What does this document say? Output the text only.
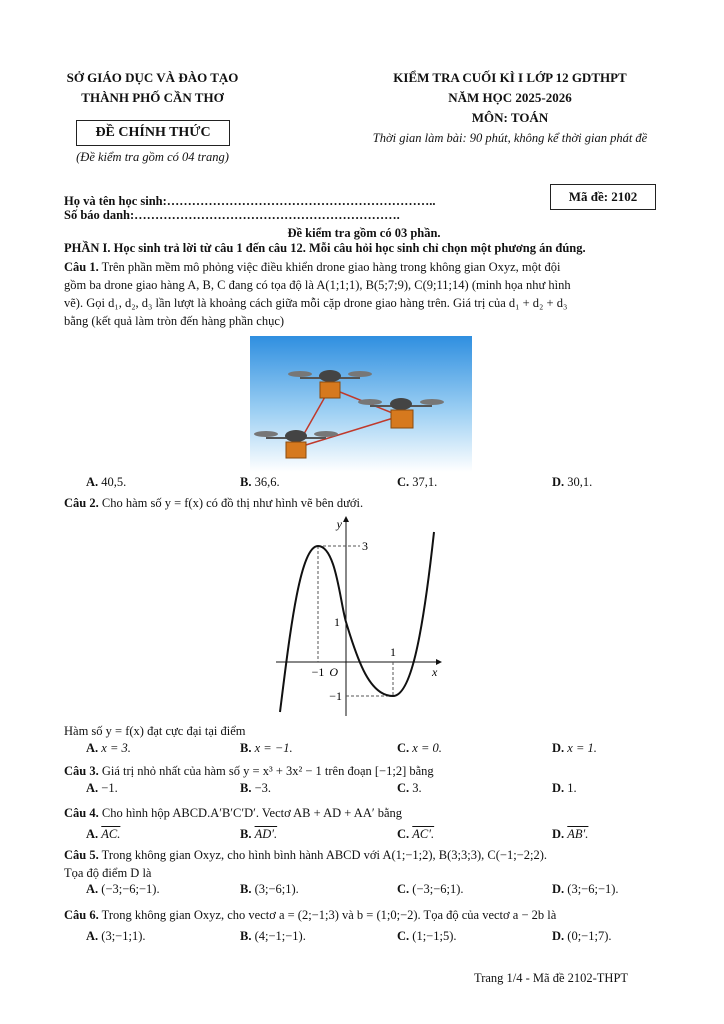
SỞ GIÁO DỤC VÀ ĐÀO TẠO
THÀNH PHỐ CẦN THƠ
ĐỀ CHÍNH THỨC
(Đề kiểm tra gồm có 04 trang)
KIỂM TRA CUỐI KÌ I LỚP 12 GDTHPT
NĂM HỌC 2025-2026
MÔN: TOÁN
Thời gian làm bài: 90 phút, không kể thời gian phát đề
Họ và tên học sinh:………………………………………………………..
Số báo danh:……………………………………………………….
Mã đề: 2102
Đề kiểm tra gồm có 03 phần.
PHẦN I. Học sinh trả lời từ câu 1 đến câu 12. Mỗi câu hỏi học sinh chỉ chọn một phương án đúng.
Câu 1. Trên phần mềm mô phỏng việc điều khiển drone giao hàng trong không gian Oxyz, một đội
gồm ba drone giao hàng A, B, C đang có tọa độ là A(1;1;1), B(5;7;9), C(9;11;14) (minh họa như hình
vẽ). Gọi d₁, d₂, d₃ lần lượt là khoảng cách giữa mỗi cặp drone giao hàng trên. Giá trị của d₁ + d₂ + d₃
bằng (kết quả làm tròn đến hàng phần chục)
A. 40,5.	B. 36,6.	C. 37,1.	D. 30,1.
Câu 2. Cho hàm số y = f(x) có đồ thị như hình vẽ bên dưới.
y
x
O
3
1
−1
1
−1
Hàm số y = f(x) đạt cực đại tại điểm
A. x = 3.	B. x = −1.	C. x = 0.	D. x = 1.
Câu 3. Giá trị nhỏ nhất của hàm số y = x³ + 3x² − 1 trên đoạn [−1;2] bằng
A. −1.	B. −3.	C. 3.	D. 1.
Câu 4. Cho hình hộp ABCD.A′B′C′D′. Vectơ AB + AD + AA′ bằng
A. AC.	B. AD′.	C. AC′.	D. AB′.
Câu 5. Trong không gian Oxyz, cho hình bình hành ABCD với A(1;−1;2), B(3;3;3), C(−1;−2;2).
Tọa độ điểm D là
A. (−3;−6;−1).	B. (3;−6;1).	C. (−3;−6;1).	D. (3;−6;−1).
Câu 6. Trong không gian Oxyz, cho vectơ a = (2;−1;3) và b = (1;0;−2). Tọa độ của vectơ a − 2b là
A. (3;−1;1).	B. (4;−1;−1).	C. (1;−1;5).	D. (0;−1;7).
Trang 1/4 - Mã đề 2102-THPT
